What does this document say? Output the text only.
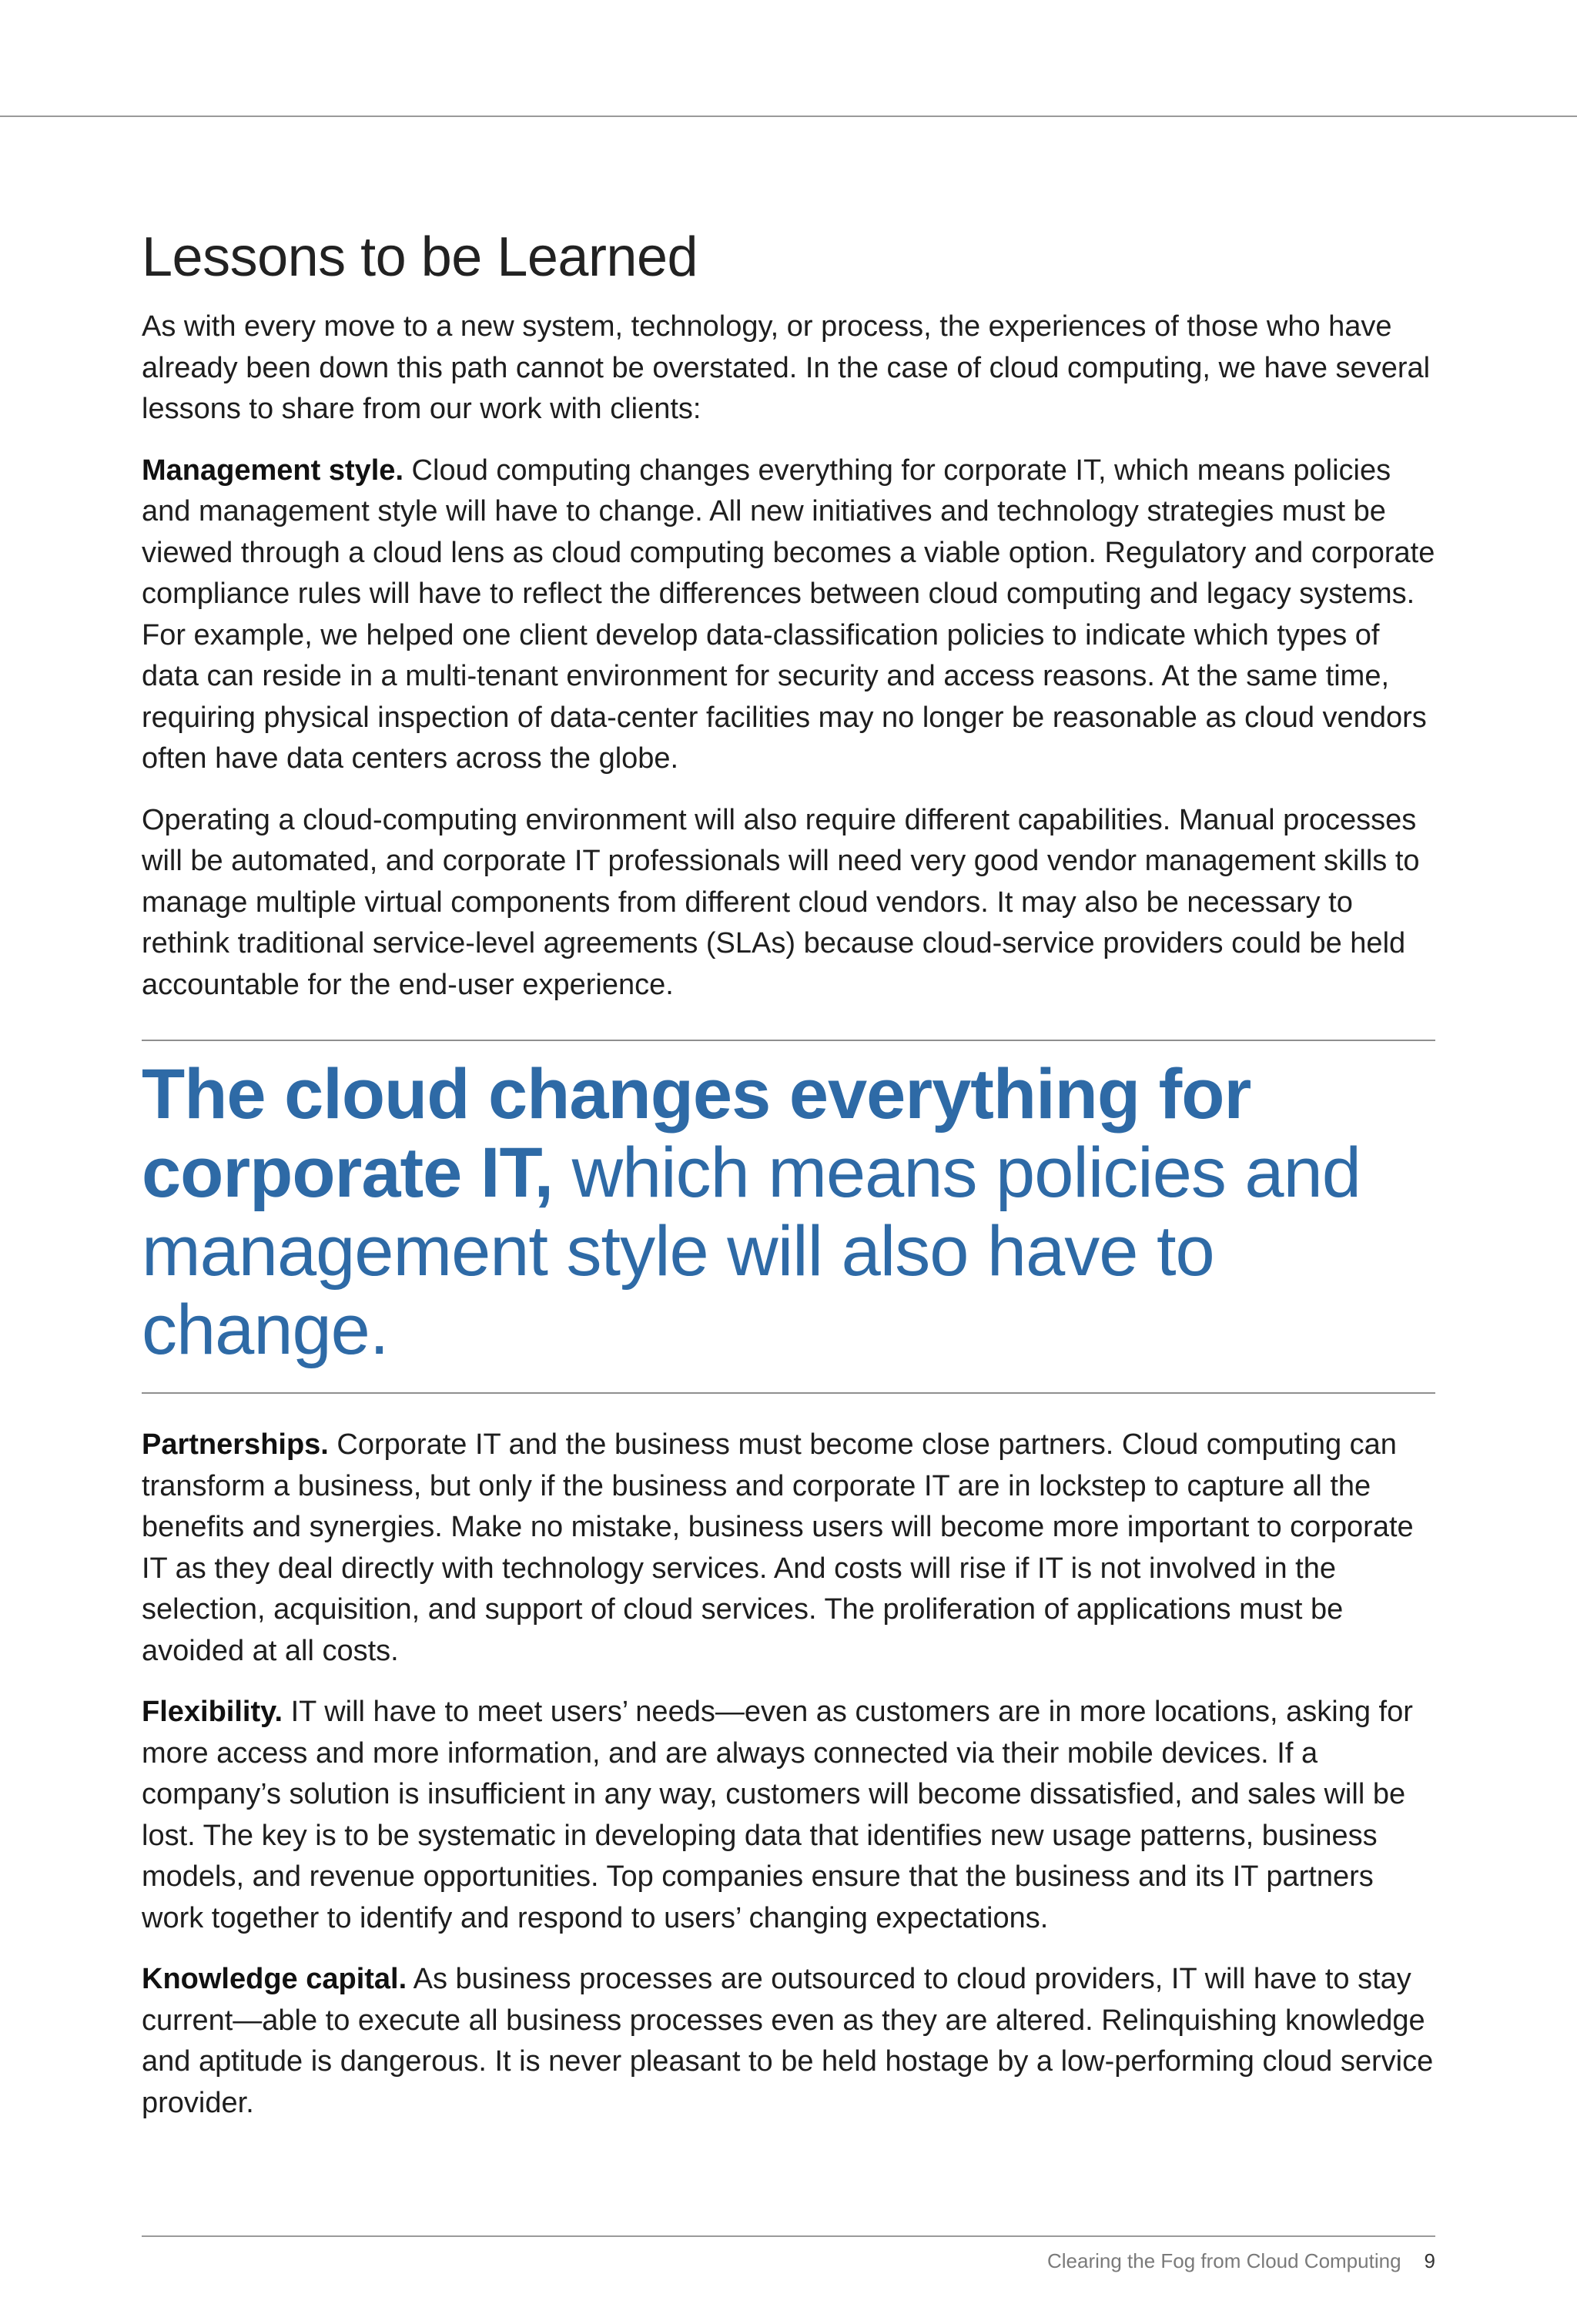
Lessons to be Learned

As with every move to a new system, technology, or process, the experiences of those who have already been down this path cannot be overstated. In the case of cloud computing, we have several lessons to share from our work with clients:

Management style. Cloud computing changes everything for corporate IT, which means policies and management style will have to change. All new initiatives and technology strategies must be viewed through a cloud lens as cloud computing becomes a viable option. Regulatory and corporate compliance rules will have to reflect the differences between cloud computing and legacy systems. For example, we helped one client develop data-classification policies to indicate which types of data can reside in a multi-tenant environment for security and access reasons. At the same time, requiring physical inspection of data-center facilities may no longer be reasonable as cloud vendors often have data centers across the globe.

Operating a cloud-computing environment will also require different capabilities. Manual processes will be automated, and corporate IT professionals will need very good vendor management skills to manage multiple virtual components from different cloud vendors. It may also be necessary to rethink traditional service-level agreements (SLAs) because cloud-service providers could be held accountable for the end-user experience.

The cloud changes everything for corporate IT, which means policies and management style will also have to change.

Partnerships. Corporate IT and the business must become close partners. Cloud computing can transform a business, but only if the business and corporate IT are in lockstep to capture all the benefits and synergies. Make no mistake, business users will become more important to corporate IT as they deal directly with technology services. And costs will rise if IT is not involved in the selection, acquisition, and support of cloud services. The proliferation of applications must be avoided at all costs.

Flexibility. IT will have to meet users’ needs—even as customers are in more locations, asking for more access and more information, and are always connected via their mobile devices. If a company’s solution is insufficient in any way, customers will become dissatisfied, and sales will be lost. The key is to be systematic in developing data that identifies new usage patterns, business models, and revenue opportunities. Top companies ensure that the business and its IT partners work together to identify and respond to users’ changing expectations.

Knowledge capital. As business processes are outsourced to cloud providers, IT will have to stay current—able to execute all business processes even as they are altered. Relinquishing knowledge and aptitude is dangerous. It is never pleasant to be held hostage by a low-performing cloud service provider.

Clearing the Fog from Cloud Computing 9
